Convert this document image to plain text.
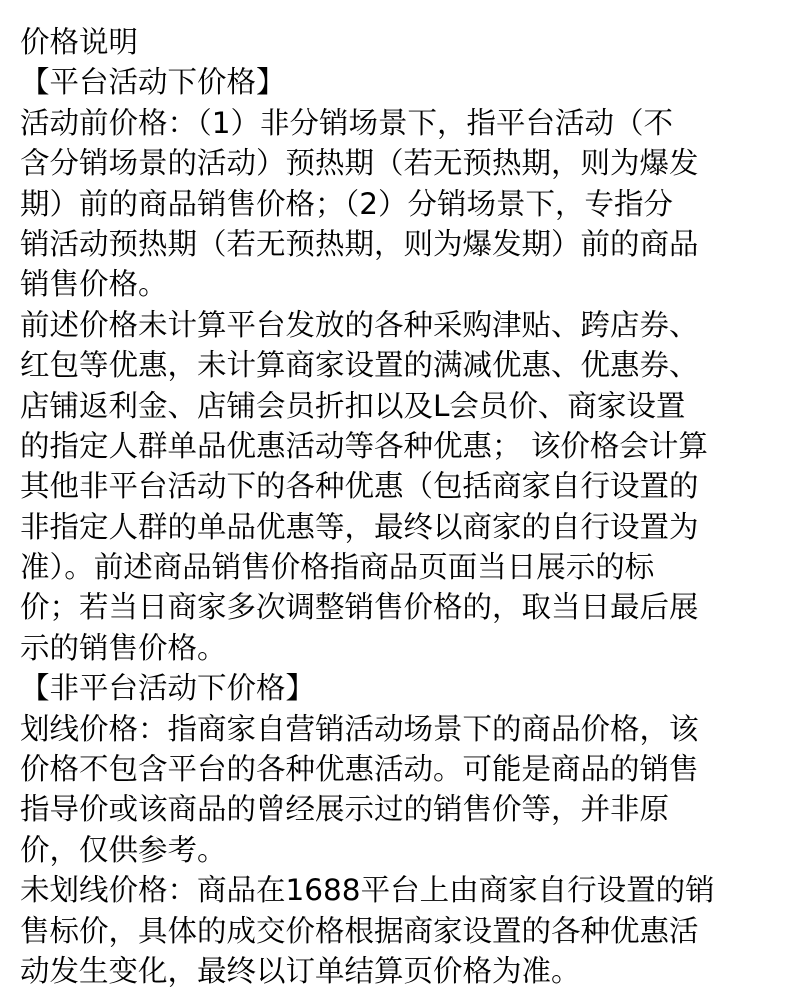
价格说明
【平台活动下价格】
活动前价格：（1）非分销场景下，指平台活动（不
含分销场景的活动）预热期（若无预热期，则为爆发
期）前的商品销售价格；（2）分销场景下，专指分
销活动预热期（若无预热期，则为爆发期）前的商品
销售价格。
前述价格未计算平台发放的各种采购津贴、跨店券、
红包等优惠，未计算商家设置的满减优惠、优惠券、
店铺返利金、店铺会员折扣以及L会员价、商家设置
的指定人群单品优惠活动等各种优惠； 该价格会计算
其他非平台活动下的各种优惠（包括商家自行设置的
非指定人群的单品优惠等，最终以商家的自行设置为
准）。前述商品销售价格指商品页面当日展示的标
价；若当日商家多次调整销售价格的，取当日最后展
示的销售价格。
【非平台活动下价格】
划线价格：指商家自营销活动场景下的商品价格，该
价格不包含平台的各种优惠活动。可能是商品的销售
指导价或该商品的曾经展示过的销售价等，并非原
价，仅供参考。
未划线价格：商品在1688平台上由商家自行设置的销
售标价，具体的成交价格根据商家设置的各种优惠活
动发生变化，最终以订单结算页价格为准。
